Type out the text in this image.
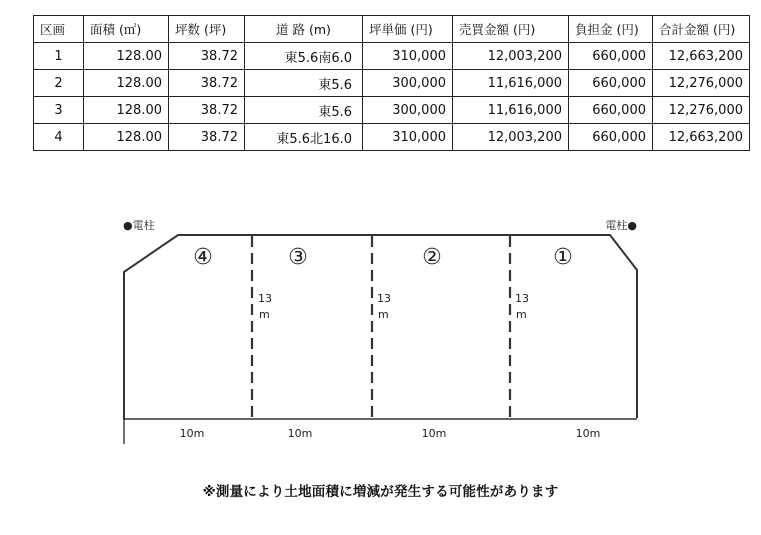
区画	面積 (㎡)	坪数 (坪)	道 路 (m)	坪単価 (円)	売買金額 (円)	負担金 (円)	合計金額 (円)
1	128.00	38.72	東5.6南6.0	310,000	12,003,200	660,000	12,663,200
2	128.00	38.72	東5.6	300,000	11,616,000	660,000	12,276,000
3	128.00	38.72	東5.6	300,000	11,616,000	660,000	12,276,000
4	128.00	38.72	東5.6北16.0	310,000	12,003,200	660,000	12,663,200
●電柱	電柱●
④	③	②	①
13
m
13
m
13
m
10m	10m	10m	10m
※測量により土地面積に増減が発生する可能性があります
